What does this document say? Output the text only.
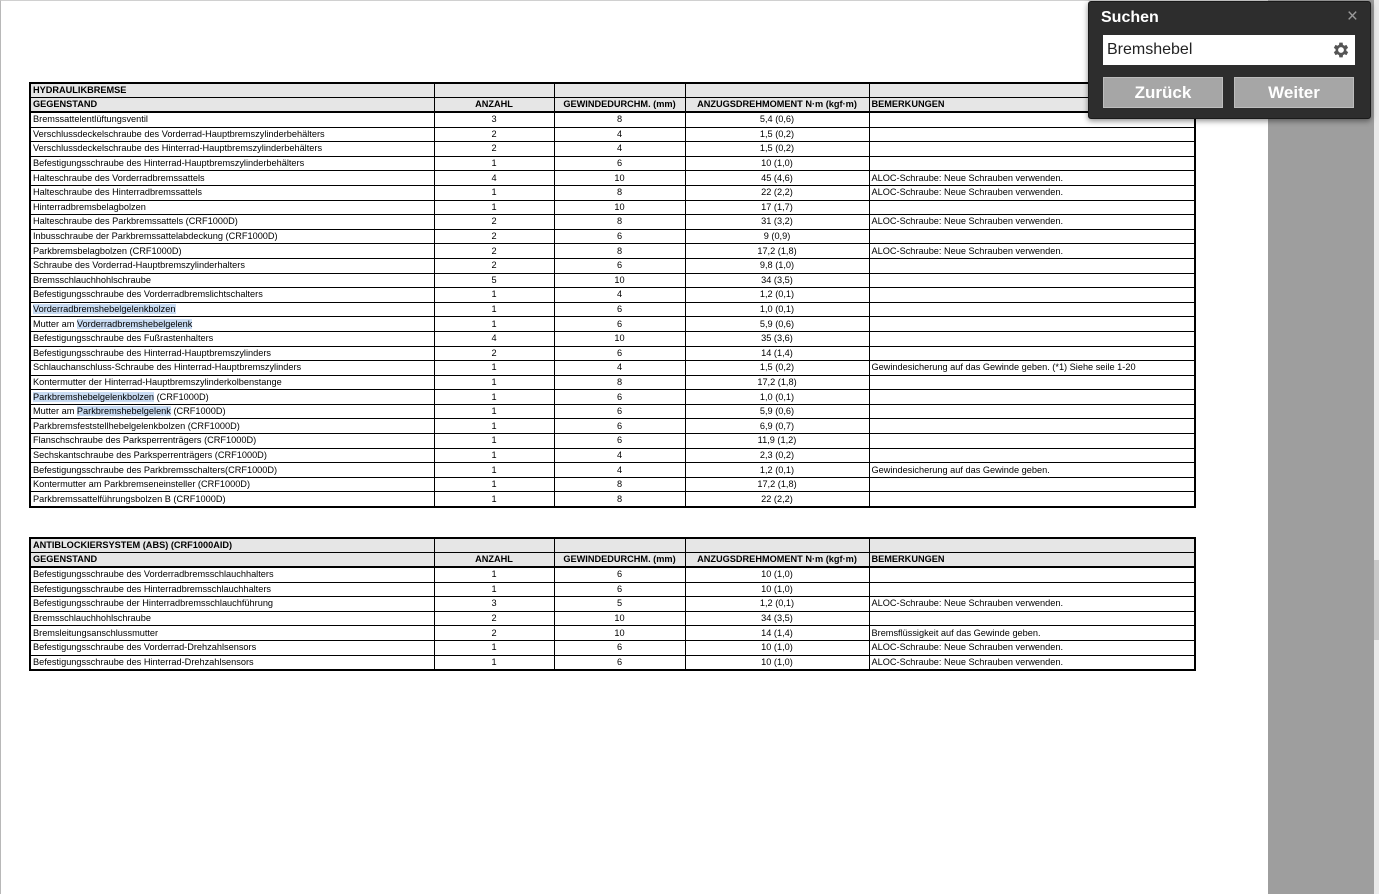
HYDRAULIKBREMSE				
GEGENSTAND	ANZAHL	GEWINDEDURCHM. (mm)	ANZUGSDREHMOMENT N·m (kgf·m)	BEMERKUNGEN
Bremssattelentlüftungsventil	3	8	5,4 (0,6)	
Verschlussdeckelschraube des Vorderrad-Hauptbremszylinderbehälters	2	4	1,5 (0,2)	
Verschlussdeckelschraube des Hinterrad-Hauptbremszylinderbehälters	2	4	1,5 (0,2)	
Befestigungsschraube des Hinterrad-Hauptbremszylinderbehälters	1	6	10 (1,0)	
Halteschraube des Vorderradbremssattels	4	10	45 (4,6)	ALOC-Schraube: Neue Schrauben verwenden.
Halteschraube des Hinterradbremssattels	1	8	22 (2,2)	ALOC-Schraube: Neue Schrauben verwenden.
Hinterradbremsbelagbolzen	1	10	17 (1,7)	
Halteschraube des Parkbremssattels (CRF1000D)	2	8	31 (3,2)	ALOC-Schraube: Neue Schrauben verwenden.
Inbusschraube der Parkbremssattelabdeckung (CRF1000D)	2	6	9 (0,9)	
Parkbremsbelagbolzen (CRF1000D)	2	8	17,2 (1,8)	ALOC-Schraube: Neue Schrauben verwenden.
Schraube des Vorderrad-Hauptbremszylinderhalters	2	6	9,8 (1,0)	
Bremsschlauchhohlschraube	5	10	34 (3,5)	
Befestigungsschraube des Vorderradbremslichtschalters	1	4	1,2 (0,1)	
Vorderradbremshebelgelenkbolzen	1	6	1,0 (0,1)	
Mutter am Vorderradbremshebelgelenk	1	6	5,9 (0,6)	
Befestigungsschraube des Fußrastenhalters	4	10	35 (3,6)	
Befestigungsschraube des Hinterrad-Hauptbremszylinders	2	6	14 (1,4)	
Schlauchanschluss-Schraube des Hinterrad-Hauptbremszylinders	1	4	1,5 (0,2)	Gewindesicherung auf das Gewinde geben. (*1) Siehe seile 1-20
Kontermutter der Hinterrad-Hauptbremszylinderkolbenstange	1	8	17,2 (1,8)	
Parkbremshebelgelenkbolzen (CRF1000D)	1	6	1,0 (0,1)	
Mutter am Parkbremshebelgelenk (CRF1000D)	1	6	5,9 (0,6)	
Parkbremsfeststellhebelgelenkbolzen (CRF1000D)	1	6	6,9 (0,7)	
Flanschschraube des Parksperrenträgers (CRF1000D)	1	6	11,9 (1,2)	
Sechskantschraube des Parksperrenträgers (CRF1000D)	1	4	2,3 (0,2)	
Befestigungsschraube des Parkbremsschalters(CRF1000D)	1	4	1,2 (0,1)	Gewindesicherung auf das Gewinde geben.
Kontermutter am Parkbremseneinsteller (CRF1000D)	1	8	17,2 (1,8)	
Parkbremssattelführungsbolzen B (CRF1000D)	1	8	22 (2,2)	
ANTIBLOCKIERSYSTEM (ABS) (CRF1000AID)				
GEGENSTAND	ANZAHL	GEWINDEDURCHM. (mm)	ANZUGSDREHMOMENT N·m (kgf·m)	BEMERKUNGEN
Befestigungsschraube des Vorderradbremsschlauchhalters	1	6	10 (1,0)	
Befestigungsschraube des Hinterradbremsschlauchhalters	1	6	10 (1,0)	
Befestigungsschraube der Hinterradbremsschlauchführung	3	5	1,2 (0,1)	ALOC-Schraube: Neue Schrauben verwenden.
Bremsschlauchhohlschraube	2	10	34 (3,5)	
Bremsleitungsanschlussmutter	2	10	14 (1,4)	Bremsflüssigkeit auf das Gewinde geben.
Befestigungsschraube des Vorderrad-Drehzahlsensors	1	6	10 (1,0)	ALOC-Schraube: Neue Schrauben verwenden.
Befestigungsschraube des Hinterrad-Drehzahlsensors	1	6	10 (1,0)	ALOC-Schraube: Neue Schrauben verwenden.
Suchen	×
Bremshebel
Zurück	Weiter
